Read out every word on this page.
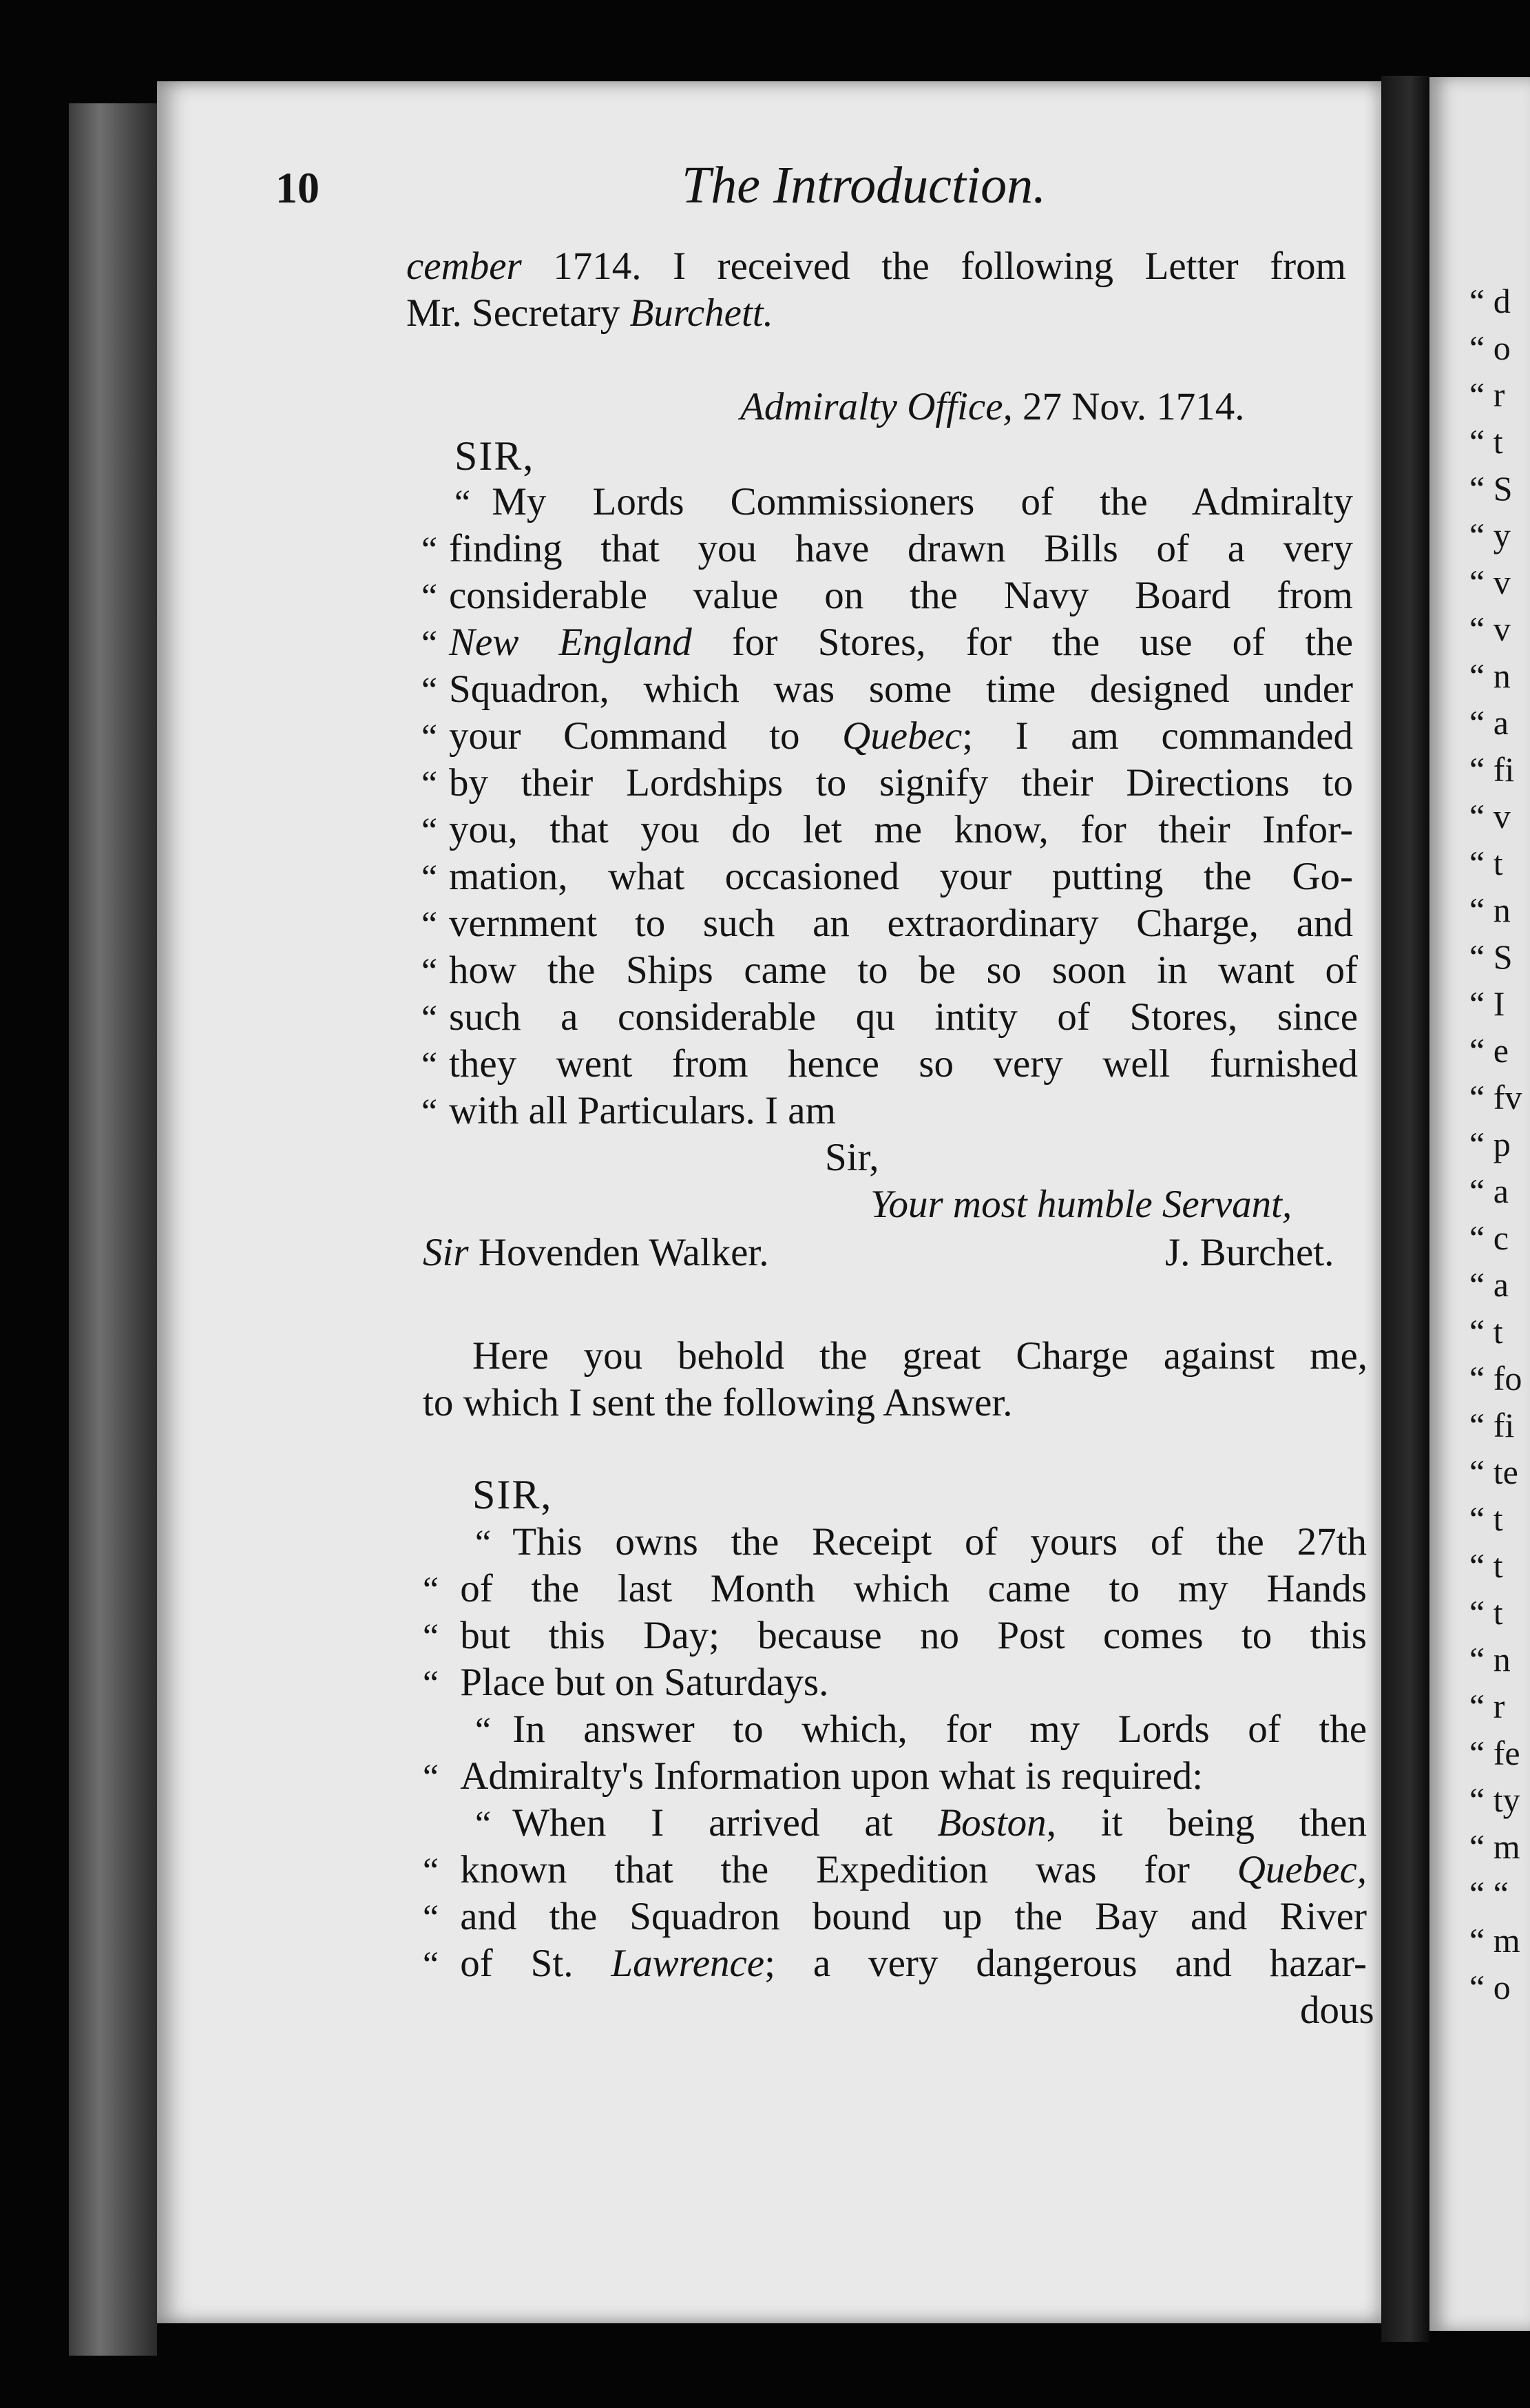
“ d
“ o
“ r
“ t
“ S
“ y
“ v
“ v
“ n
“ a
“ fi
“ v
“ t
“ n
“ S
“ I
“ e
“ fv
“ p
“ a
“ c
“ a
“ t
“ fo
“ fi
“ te
“ t
“ t
“ t
“ n
“ r
“ fe
“ ty
“ m
“ “
“ m
“ o
10	The Introduction.
cember 1714. I received the following Letter from
Mr. Secretary Burchett.
Admiralty Office, 27 Nov. 1714.
SIR,
“  My Lords Commissioners of the Admiralty
“ finding that you have drawn Bills of a very
“ considerable value on the Navy Board from
“ New England for Stores, for the use of the
“ Squadron, which was some time designed under
“ your Command to Quebec; I am commanded
“ by their Lordships to signify their Directions to
“ you, that you do let me know, for their Infor-
“ mation, what occasioned your putting the Go-
“ vernment to such an extraordinary Charge, and
“ how the Ships came to be so soon in want of
“ such a considerable qu intity of Stores, since
“ they went from hence so very well furnished
“ with all Particulars. I am
Sir,
Your most humble Servant,
Sir Hovenden Walker.	J. Burchet.
Here you behold the great Charge against me,
to which I sent the following Answer.
SIR,
“  This owns the Receipt of yours of the 27th
“  of the last Month which came to my Hands
“  but this Day; because no Post comes to this
“  Place but on Saturdays.
“  In answer to which, for my Lords of the
“  Admiralty's Information upon what is required:
“  When I arrived at Boston, it being then
“  known that the Expedition was for Quebec,
“  and the Squadron bound up the Bay and River
“  of St. Lawrence; a very dangerous and hazar-
dous
